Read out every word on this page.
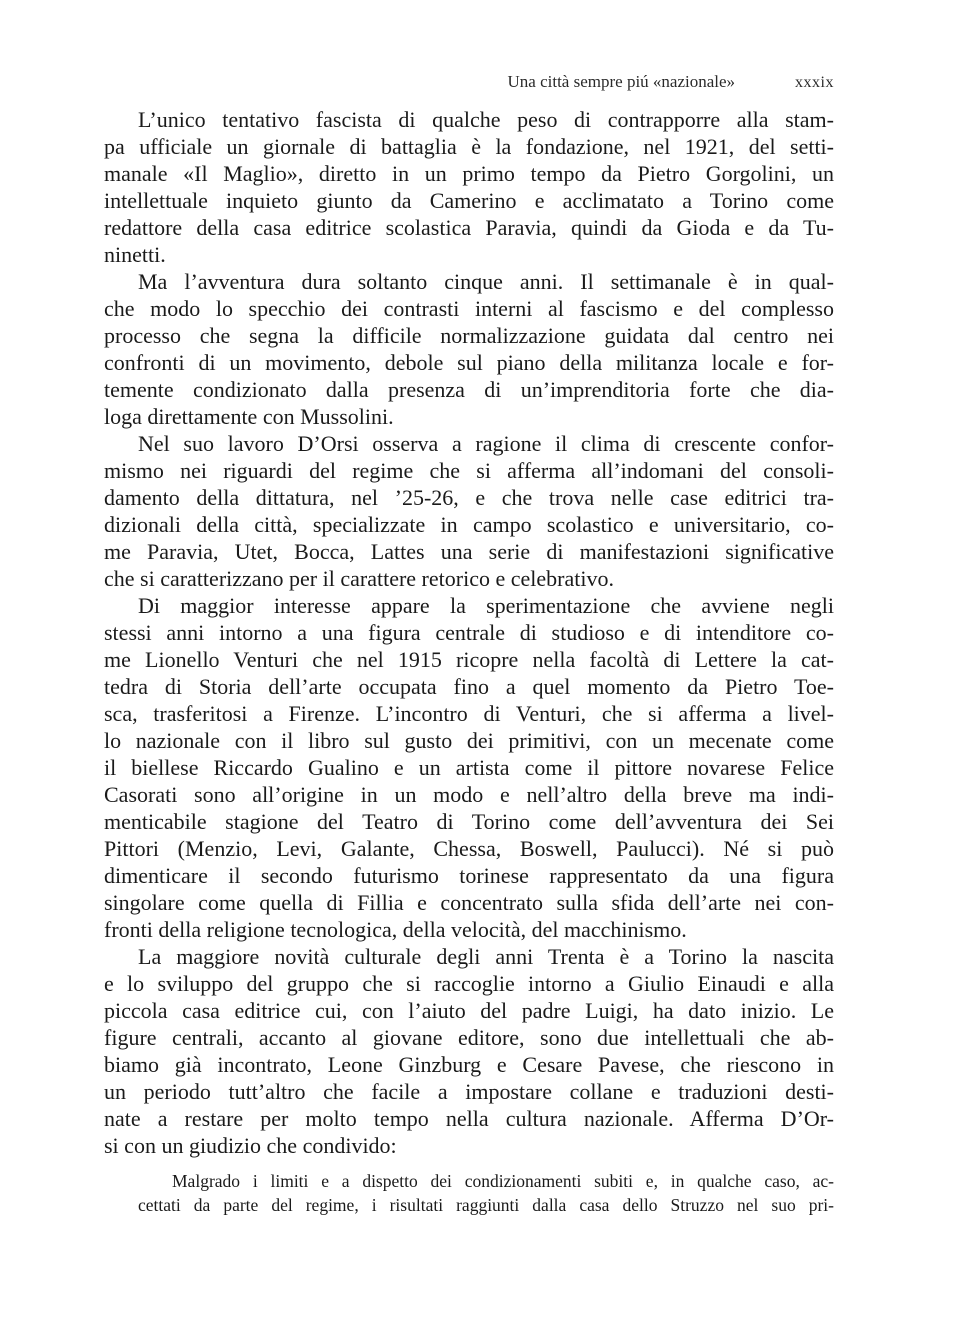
Una città sempre piú «nazionale»	xxxix
L’unico tentativo fascista di qualche peso di contrapporre alla stam-
pa ufficiale un giornale di battaglia è la fondazione, nel 1921, del setti-
manale «Il Maglio», diretto in un primo tempo da Pietro Gorgolini, un
intellettuale inquieto giunto da Camerino e acclimatato a Torino come
redattore della casa editrice scolastica Paravia, quindi da Gioda e da Tu-
ninetti.
Ma l’avventura dura soltanto cinque anni. Il settimanale è in qual-
che modo lo specchio dei contrasti interni al fascismo e del complesso
processo che segna la difficile normalizzazione guidata dal centro nei
confronti di un movimento, debole sul piano della militanza locale e for-
temente condizionato dalla presenza di un’imprenditoria forte che dia-
loga direttamente con Mussolini.
Nel suo lavoro D’Orsi osserva a ragione il clima di crescente confor-
mismo nei riguardi del regime che si afferma all’indomani del consoli-
damento della dittatura, nel ’25-26, e che trova nelle case editrici tra-
dizionali della città, specializzate in campo scolastico e universitario, co-
me Paravia, Utet, Bocca, Lattes una serie di manifestazioni significative
che si caratterizzano per il carattere retorico e celebrativo.
Di maggior interesse appare la sperimentazione che avviene negli
stessi anni intorno a una figura centrale di studioso e di intenditore co-
me Lionello Venturi che nel 1915 ricopre nella facoltà di Lettere la cat-
tedra di Storia dell’arte occupata fino a quel momento da Pietro Toe-
sca, trasferitosi a Firenze. L’incontro di Venturi, che si afferma a livel-
lo nazionale con il libro sul gusto dei primitivi, con un mecenate come
il biellese Riccardo Gualino e un artista come il pittore novarese Felice
Casorati sono all’origine in un modo e nell’altro della breve ma indi-
menticabile stagione del Teatro di Torino come dell’avventura dei Sei
Pittori (Menzio, Levi, Galante, Chessa, Boswell, Paulucci). Né si può
dimenticare il secondo futurismo torinese rappresentato da una figura
singolare come quella di Fillia e concentrato sulla sfida dell’arte nei con-
fronti della religione tecnologica, della velocità, del macchinismo.
La maggiore novità culturale degli anni Trenta è a Torino la nascita
e lo sviluppo del gruppo che si raccoglie intorno a Giulio Einaudi e alla
piccola casa editrice cui, con l’aiuto del padre Luigi, ha dato inizio. Le
figure centrali, accanto al giovane editore, sono due intellettuali che ab-
biamo già incontrato, Leone Ginzburg e Cesare Pavese, che riescono in
un periodo tutt’altro che facile a impostare collane e traduzioni desti-
nate a restare per molto tempo nella cultura nazionale. Afferma D’Or-
si con un giudizio che condivido:
Malgrado i limiti e a dispetto dei condizionamenti subiti e, in qualche caso, ac-
cettati da parte del regime, i risultati raggiunti dalla casa dello Struzzo nel suo pri-
